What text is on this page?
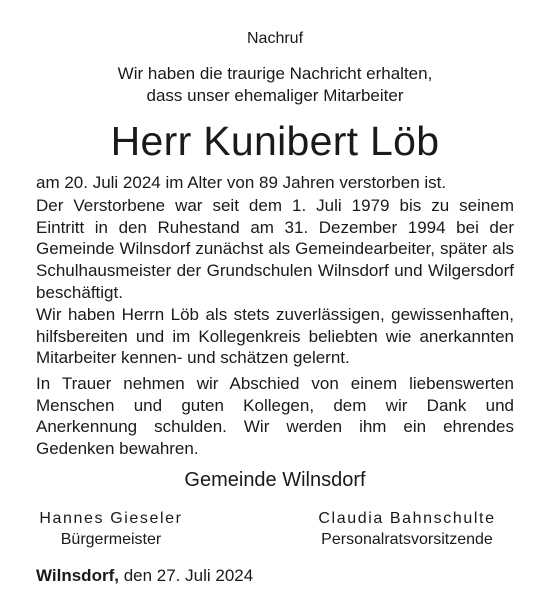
Nachruf
Wir haben die traurige Nachricht erhalten,
dass unser ehemaliger Mitarbeiter
Herr Kunibert Löb
am 20. Juli 2024 im Alter von 89 Jahren verstorben ist.
Der Verstorbene war seit dem 1. Juli 1979 bis zu seinem Eintritt in den Ruhestand am 31. Dezember 1994 bei der Gemeinde Wilnsdorf zunächst als Gemeindearbeiter, später als Schulhausmeister der Grundschulen Wilnsdorf und Wilgersdorf beschäftigt.
Wir haben Herrn Löb als stets zuverlässigen, gewissenhaften, hilfsbereiten und im Kollegenkreis beliebten wie anerkannten Mitarbeiter kennen- und schätzen gelernt.
In Trauer nehmen wir Abschied von einem liebenswerten Menschen und guten Kollegen, dem wir Dank und Anerkennung schulden. Wir werden ihm ein ehrendes Gedenken bewahren.
Gemeinde Wilnsdorf
Hannes Gieseler
Bürgermeister
Claudia Bahnschulte
Personalratsvorsitzende
Wilnsdorf, den 27. Juli 2024
